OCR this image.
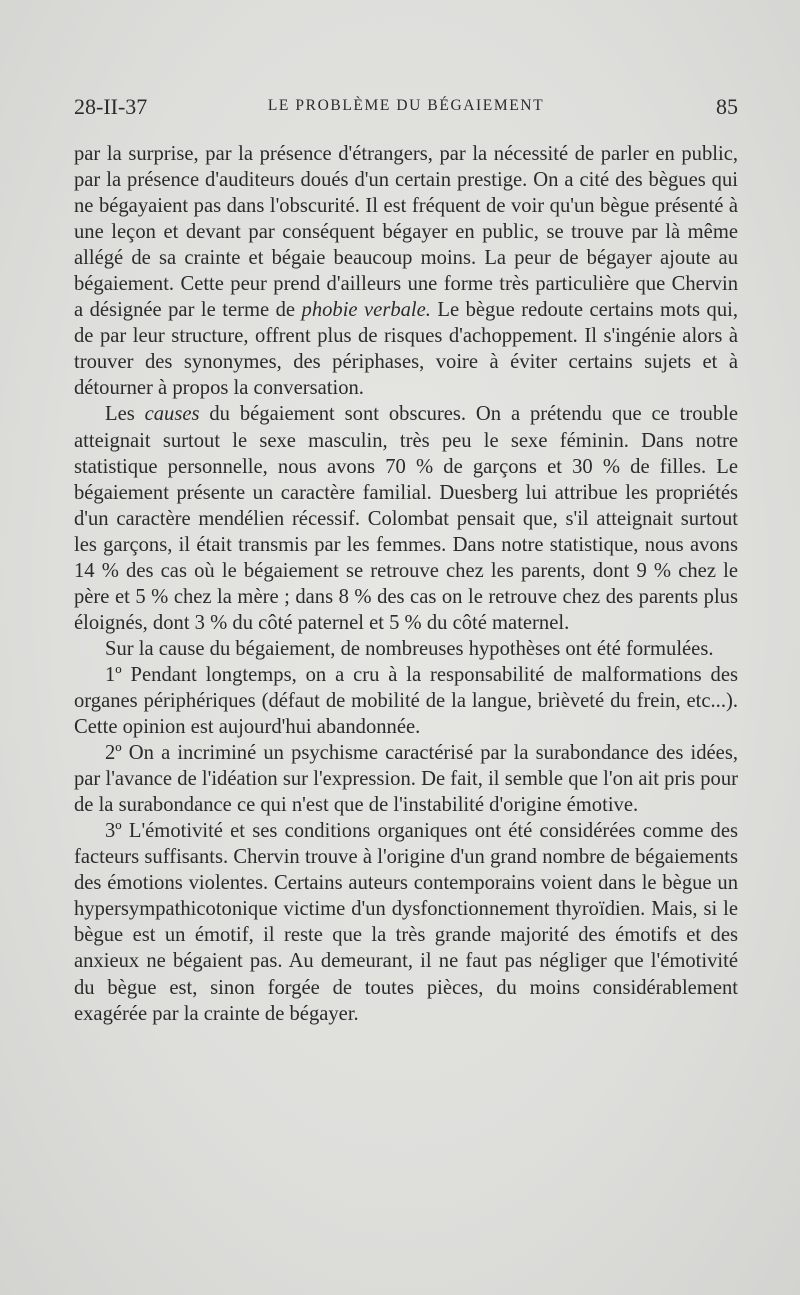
28-II-37	LE PROBLÈME DU BÉGAIEMENT	85

par la surprise, par la présence d'étrangers, par la nécessité de parler en public, par la présence d'auditeurs doués d'un certain prestige. On a cité des bègues qui ne bégayaient pas dans l'obscurité. Il est fréquent de voir qu'un bègue présenté à une leçon et devant par conséquent bégayer en public, se trouve par là même allégé de sa crainte et bégaie beaucoup moins. La peur de bégayer ajoute au bégaiement. Cette peur prend d'ailleurs une forme très particulière que Chervin a désignée par le terme de phobie verbale. Le bègue redoute certains mots qui, de par leur structure, offrent plus de risques d'achoppement. Il s'ingénie alors à trouver des synonymes, des périphases, voire à éviter certains sujets et à détourner à propos la conversation.

Les causes du bégaiement sont obscures. On a prétendu que ce trouble atteignait surtout le sexe masculin, très peu le sexe féminin. Dans notre statistique personnelle, nous avons 70 % de garçons et 30 % de filles. Le bégaiement présente un caractère familial. Duesberg lui attribue les propriétés d'un caractère mendélien récessif. Colombat pensait que, s'il atteignait surtout les garçons, il était transmis par les femmes. Dans notre statistique, nous avons 14 % des cas où le bégaiement se retrouve chez les parents, dont 9 % chez le père et 5 % chez la mère ; dans 8 % des cas on le retrouve chez des parents plus éloignés, dont 3 % du côté paternel et 5 % du côté maternel.

Sur la cause du bégaiement, de nombreuses hypothèses ont été formulées.

1º Pendant longtemps, on a cru à la responsabilité de malformations des organes périphériques (défaut de mobilité de la langue, brièveté du frein, etc...). Cette opinion est aujourd'hui abandonnée.

2º On a incriminé un psychisme caractérisé par la surabondance des idées, par l'avance de l'idéation sur l'expression. De fait, il semble que l'on ait pris pour de la surabondance ce qui n'est que de l'instabilité d'origine émotive.

3º L'émotivité et ses conditions organiques ont été considérées comme des facteurs suffisants. Chervin trouve à l'origine d'un grand nombre de bégaiements des émotions violentes. Certains auteurs contemporains voient dans le bègue un hypersympathicotonique victime d'un dysfonctionnement thyroïdien. Mais, si le bègue est un émotif, il reste que la très grande majorité des émotifs et des anxieux ne bégaient pas. Au demeurant, il ne faut pas négliger que l'émotivité du bègue est, sinon forgée de toutes pièces, du moins considérablement exagérée par la crainte de bégayer.
